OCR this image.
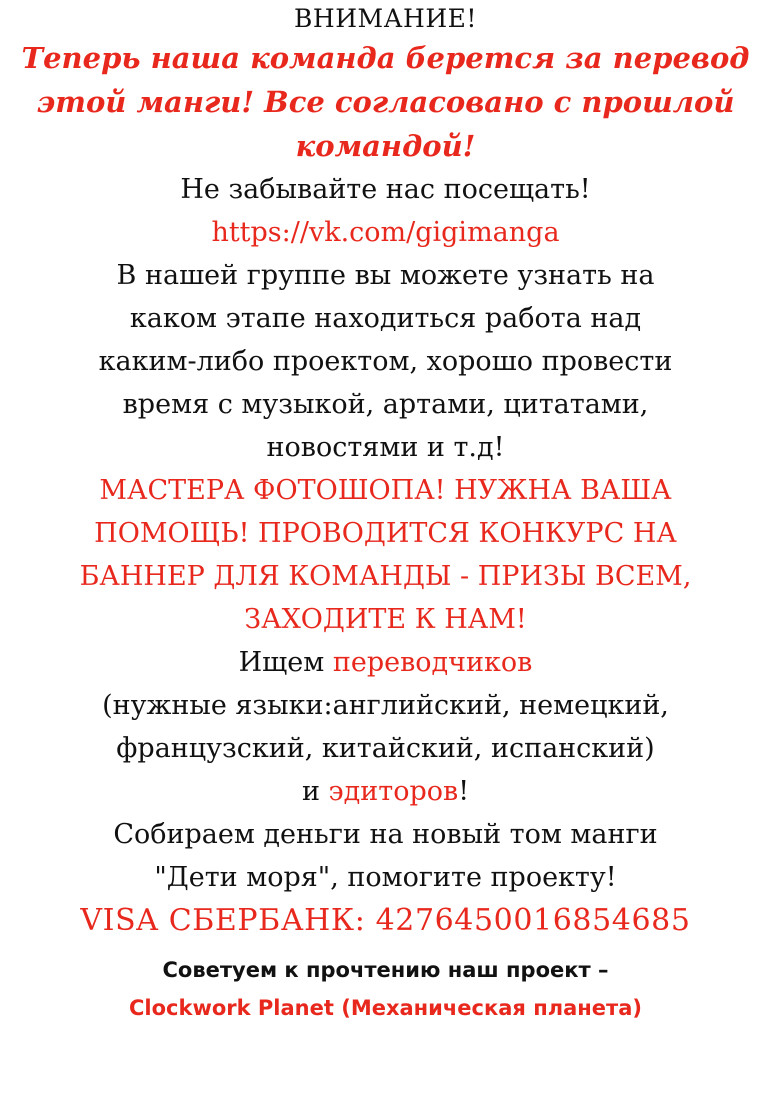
ВНИМАНИЕ!
Теперь наша команда берется за перевод
этой манги! Все согласовано с прошлой
командой!
Не забывайте нас посещать!
https://vk.com/gigimanga
В нашей группе вы можете узнать на
каком этапе находиться работа над
каким-либо проектом, хорошо провести
время с музыкой, артами, цитатами,
новостями и т.д!
МАСТЕРА ФОТОШОПА! НУЖНА ВАША
ПОМОЩЬ! ПРОВОДИТСЯ КОНКУРС НА
БАННЕР ДЛЯ КОМАНДЫ - ПРИЗЫ ВСЕМ,
ЗАХОДИТЕ К НАМ!
Ищем переводчиков
(нужные языки:английский, немецкий,
французский, китайский, испанский)
и эдиторов!
Собираем деньги на новый том манги
"Дети моря", помогите проекту!
VISA СБЕРБАНК: 4276450016854685
Советуем к прочтению наш проект –
Clockwork Planet (Механическая планета)
